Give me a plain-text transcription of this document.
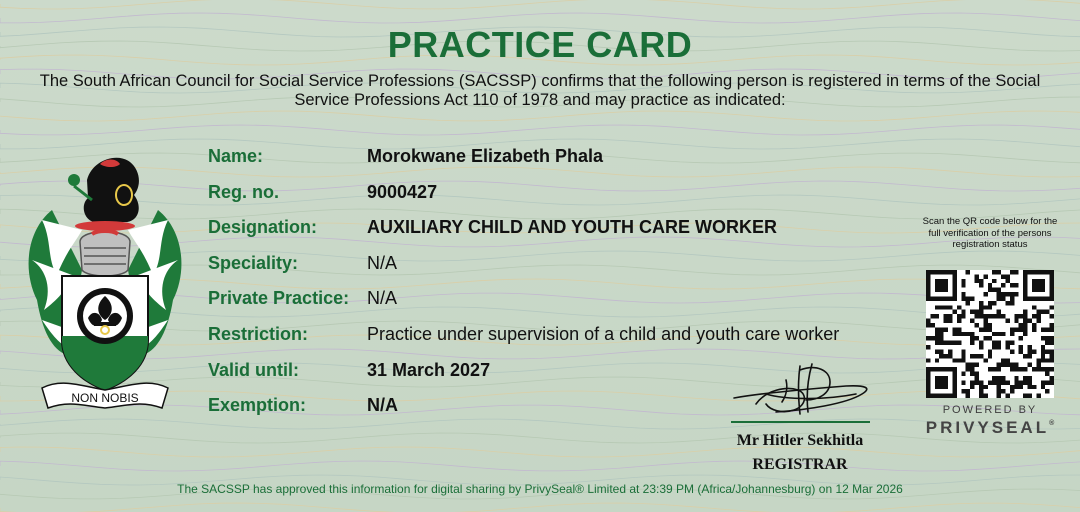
PRACTICE CARD
The South African Council for Social Service Professions (SACSSP) confirms that the following person is registered in terms of the Social Service Professions Act 110 of 1978 and may practice as indicated:
NON NOBIS
Name:	Morokwane Elizabeth Phala
Reg. no.	9000427
Designation:	AUXILIARY CHILD AND YOUTH CARE WORKER
Speciality:	N/A
Private Practice: N/A
Restriction:	Practice under supervision of a child and youth care worker
Valid until:	31 March 2027
Exemption:	N/A
Mr Hitler Sekhitla
REGISTRAR
Scan the QR code below for the full verification of the persons registration status
POWERED BY
PRIVYSEAL®
The SACSSP has approved this information for digital sharing by PrivySeal® Limited at 23:39 PM (Africa/Johannesburg) on 12 Mar 2026
